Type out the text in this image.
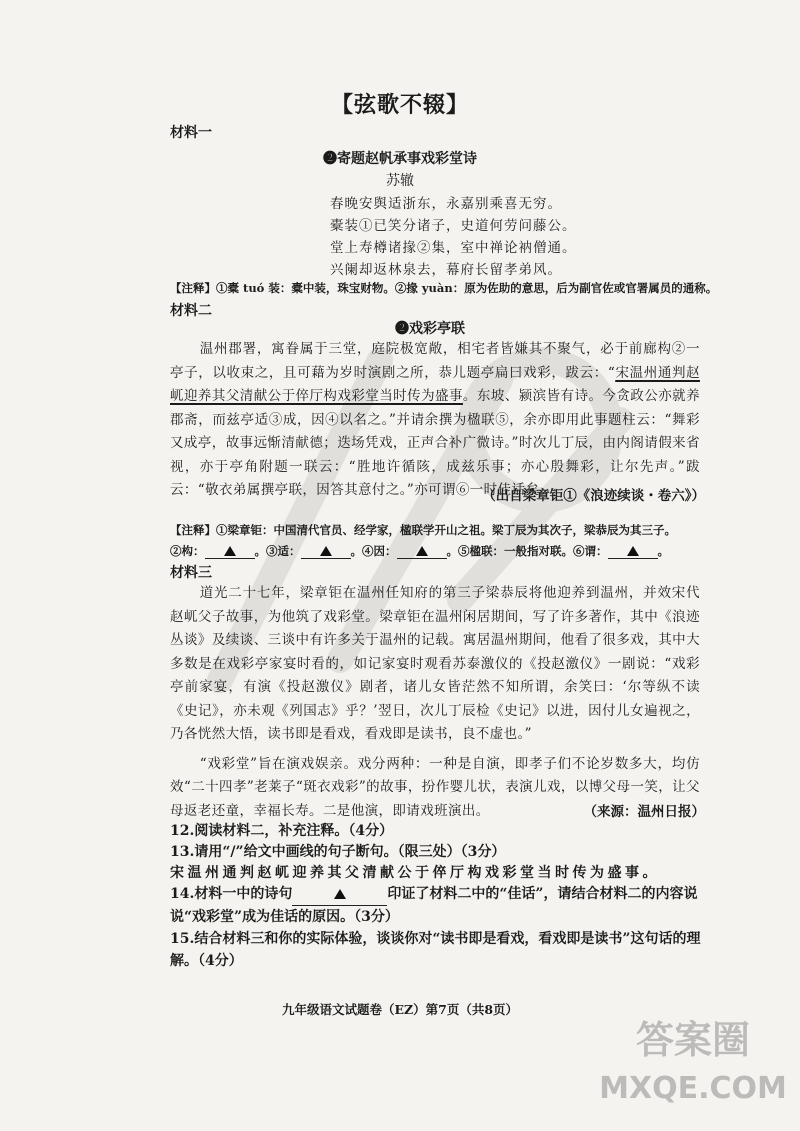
【弦歌不辍】
材料一
❷寄题赵帆承事戏彩堂诗
苏辙
春晚安舆适浙东，永嘉别乘喜无穷。
橐装①已笑分诸子，史道何劳问藤公。
堂上寿樽诸掾②集，室中禅论衲僧通。
兴阑却返林泉去，幕府长留孝弟风。
【注释】①橐 tuó 装：橐中装，珠宝财物。②掾 yuàn：原为佐助的意思，后为副官佐或官署属员的通称。
材料二
❷戏彩亭联

温州郡署，寓眷属于三堂，庭院极宽敞，相宅者皆嫌其不聚气，必于前廊构②一亭子，以收束之，且可藉为岁时演剧之所，恭儿题亭扁曰戏彩，跋云：“宋温州通判赵屼迎养其父清献公于倅厅构戏彩堂当时传为盛事。东坡、颍滨皆有诗。今贪政公亦就养郡斋，而兹亭适③成，因④以名之。”并请余撰为楹联⑤，余亦即用此事题柱云：“舞彩又成亭，故事远惭清献德；迭场凭戏，正声合补广微诗。”时次儿丁辰，由内阁请假来省视，亦于亭角附题一联云：“胜地许循陔，成兹乐事；亦心殷舞彩，让尔先声。”跋云：“敬衣弟属撰亭联，因答其意付之。”亦可谓⑥一时佳话矣。

（出自梁章钜①《浪迹续谈・卷六》）
【注释】①梁章钜：中国清代官员、经学家，楹联学开山之祖。梁丁辰为其次子，梁恭辰为其三子。
②构：	。③适：	。④因：	。⑤楹联：一般指对联。⑥谓：	。
材料三

道光二十七年，梁章钜在温州任知府的第三子梁恭辰将他迎养到温州，并效宋代赵屼父子故事，为他筑了戏彩堂。梁章钜在温州闲居期间，写了许多著作，其中《浪迹丛谈》及续谈、三谈中有许多关于温州的记载。寓居温州期间，他看了很多戏，其中大多数是在戏彩亭家宴时看的，如记家宴时观看苏泰激仪的《投赵激仪》一剧说：“戏彩亭前家宴，有演《投赵激仪》剧者，诸儿女皆茫然不知所谓，余笑曰：‘尔等纵不读《史记》，亦未观《列国志》乎？’翌日，次儿丁辰检《史记》以进，因付儿女遍视之，乃各恍然大悟，读书即是看戏，看戏即是读书，良不虚也。”

“戏彩堂”旨在演戏娱亲。戏分两种：一种是自演，即孝子们不论岁数多大，均仿效“二十四孝”老莱子“斑衣戏彩”的故事，扮作婴儿状，表演儿戏，以博父母一笑，让父母返老还童，幸福长寿。二是他演，即请戏班演出。	（来源：温州日报）
12.阅读材料二，补充注释。（4分）
13.请用“/”给文中画线的句子断句。（限三处）（3分）
宋温州通判赵屼迎养其父清献公于倅厅构戏彩堂当时传为盛事。
14.材料一中的诗句	印证了材料二中的“佳话”，请结合材料二的内容说说“戏彩堂”成为佳话的原因。（3分）
15.结合材料三和你的实际体验，谈谈你对“读书即是看戏，看戏即是读书”这句话的理解。（4分）
九年级语文试题卷（EZ）第7页（共8页）
答案圈
MXQE.COM
